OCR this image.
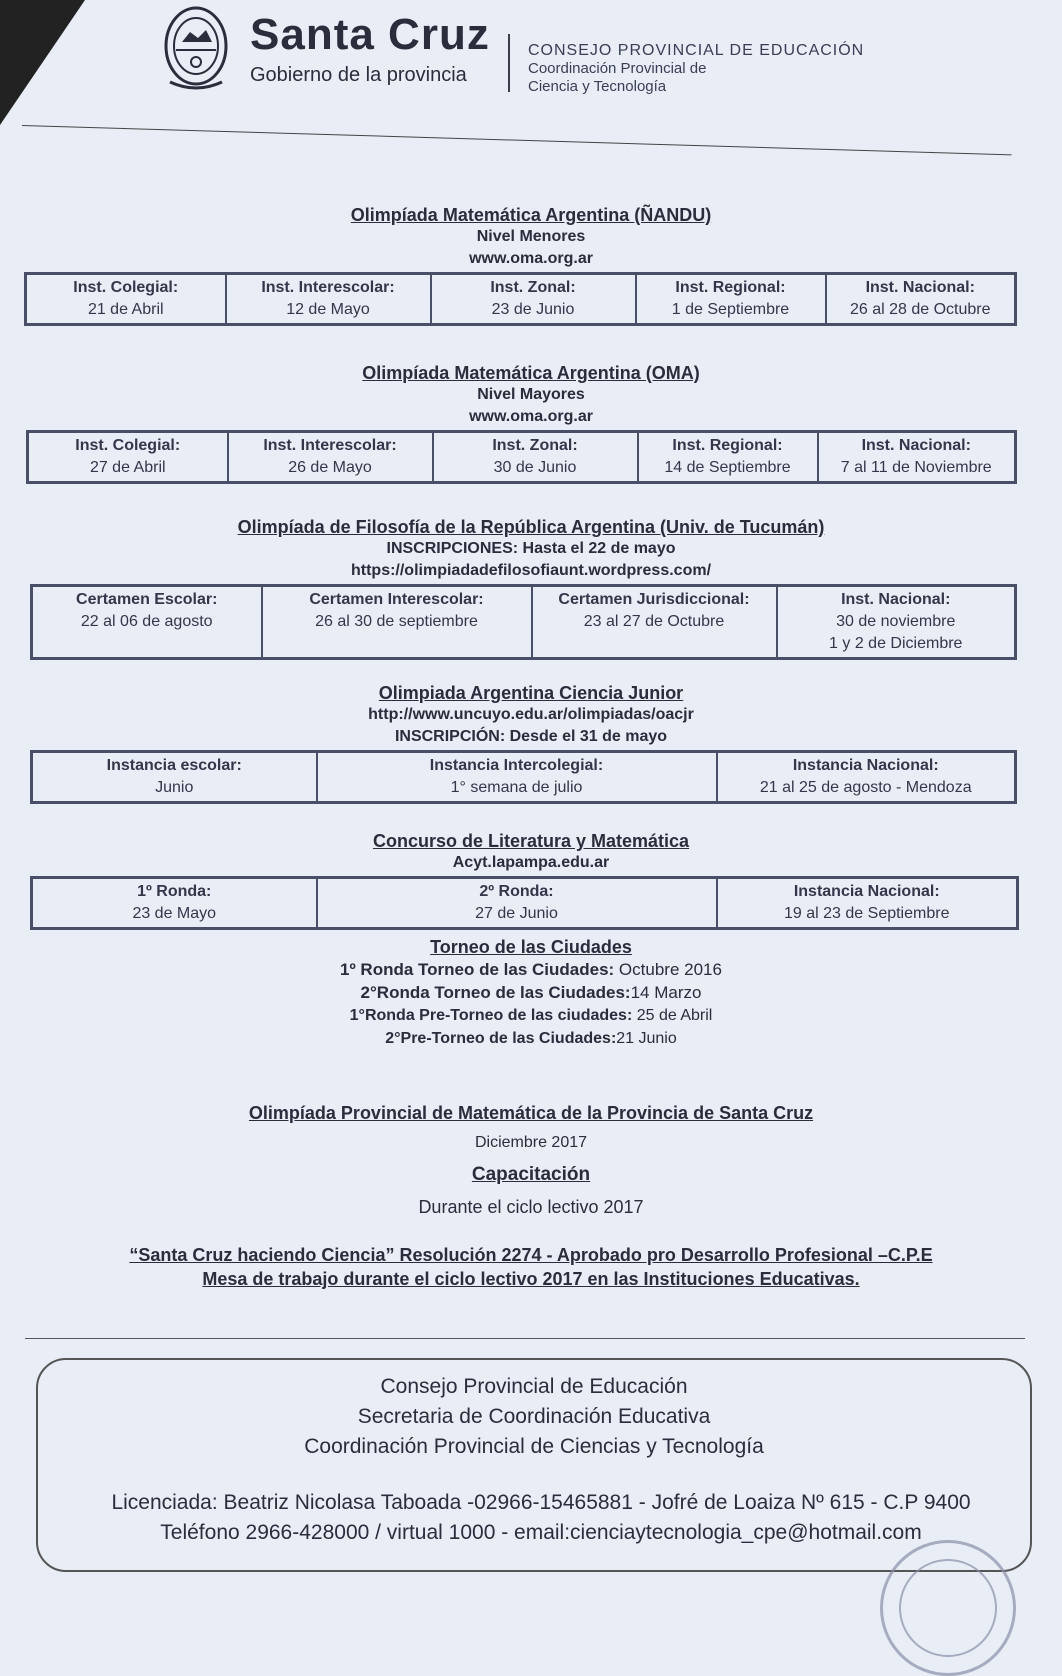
Santa Cruz
Gobierno de la provincia
CONSEJO PROVINCIAL DE EDUCACIÓN
Coordinación Provincial de
Ciencia y Tecnología
Olimpíada Matemática Argentina (ÑANDU)
Nivel Menores
www.oma.org.ar
Inst. Colegial:
21 de Abril

Inst. Interescolar:
12 de Mayo

Inst. Zonal:
23 de Junio

Inst. Regional:
1 de Septiembre

Inst. Nacional:
26 al 28 de Octubre
Olimpíada Matemática Argentina (OMA)
Nivel Mayores
www.oma.org.ar
Inst. Colegial:
27 de Abril

Inst. Interescolar:
26 de Mayo

Inst. Zonal:
30 de Junio

Inst. Regional:
14 de Septiembre

Inst. Nacional:
7 al 11 de Noviembre
Olimpíada de Filosofía de la República Argentina (Univ. de Tucumán)
INSCRIPCIONES: Hasta el 22 de mayo
https://olimpiadadefilosofiaunt.wordpress.com/
Certamen Escolar:
22 al 06 de agosto

Certamen Interescolar:
26 al 30 de septiembre

Certamen Jurisdiccional:
23 al 27 de Octubre

Inst. Nacional:
30 de noviembre
1 y 2 de Diciembre
Olimpiada Argentina Ciencia Junior
http://www.uncuyo.edu.ar/olimpiadas/oacjr
INSCRIPCIÓN: Desde el 31 de mayo
Instancia escolar:
Junio

Instancia Intercolegial:
1° semana de julio

Instancia Nacional:
21 al 25 de agosto - Mendoza
Concurso de Literatura y Matemática
Acyt.lapampa.edu.ar
1º Ronda:
23 de Mayo

2º Ronda:
27 de Junio

Instancia Nacional:
19 al 23 de Septiembre
Torneo de las Ciudades
1º Ronda Torneo de las Ciudades: Octubre 2016
2°Ronda Torneo de las Ciudades:14 Marzo
1°Ronda Pre-Torneo de las ciudades: 25 de Abril
2°Pre-Torneo de las Ciudades:21 Junio
Olimpíada Provincial de Matemática de la Provincia de Santa Cruz
Diciembre 2017
Capacitación
Durante el ciclo lectivo 2017
“Santa Cruz haciendo Ciencia” Resolución 2274 - Aprobado pro Desarrollo Profesional –C.P.E
Mesa de trabajo durante el ciclo lectivo 2017 en las Instituciones Educativas.
Consejo Provincial de Educación
Secretaria de Coordinación Educativa
Coordinación Provincial de Ciencias y Tecnología
Licenciada: Beatriz Nicolasa Taboada -02966-15465881 - Jofré de Loaiza Nº 615 - C.P 9400
Teléfono 2966-428000 / virtual 1000 - email:cienciaytecnologia_cpe@hotmail.com
